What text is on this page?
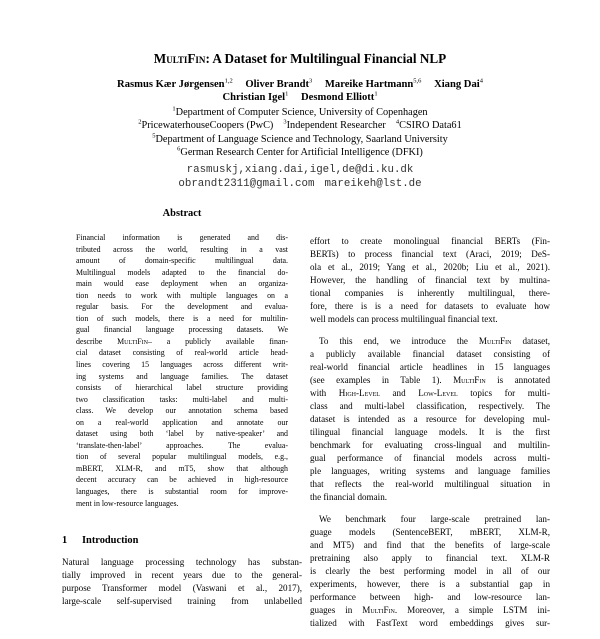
MultiFin: A Dataset for Multilingual Financial NLP
Rasmus Kær Jørgensen$^{1,2}$ Oliver Brandt$^3$ Mareike Hartmann$^{5,6}$ Xiang Dai$^4$
Christian Igel$^1$ Desmond Elliott$^1$
$^1$Department of Computer Science, University of Copenhagen
$^2$PricewaterhouseCoopers (PwC) $^3$Independent Researcher $^4$CSIRO Data61
$^5$Department of Language Science and Technology, Saarland University
$^6$German Research Center for Artificial Intelligence (DFKI)
rasmuskj,xiang.dai,igel,de@di.ku.dk
obrandt2311@gmail.com mareikeh@lst.de
Abstract
Financial information is generated and dis-
tributed across the world, resulting in a vast
amount of domain-specific multilingual data.
Multilingual models adapted to the financial do-
main would ease deployment when an organiza-
tion needs to work with multiple languages on a
regular basis. For the development and evalua-
tion of such models, there is a need for multilin-
gual financial language processing datasets. We
describe MultiFin– a publicly available finan-
cial dataset consisting of real-world article head-
lines covering 15 languages across different writ-
ing systems and language families. The dataset
consists of hierarchical label structure providing
two classification tasks: multi-label and multi-
class. We develop our annotation schema based
on a real-world application and annotate our
dataset using both ‘label by native-speaker’ and
‘translate-then-label’ approaches. The evalua-
tion of several popular multilingual models, e.g.,
mBERT, XLM-R, and mT5, show that although
decent accuracy can be achieved in high-resource
languages, there is substantial room for improve-
ment in low-resource languages.
1 Introduction
Natural language processing technology has substan-
tially improved in recent years due to the general-
purpose Transformer model (Vaswani et al., 2017),
large-scale self-supervised training from unlabelled
effort to create monolingual financial BERTs (Fin-
BERTs) to process financial text (Araci, 2019; DeS-
ola et al., 2019; Yang et al., 2020b; Liu et al., 2021).
However, the handling of financial text by multina-
tional companies is inherently multilingual, there-
fore, there is is a need for datasets to evaluate how
well models can process multilingual financial text.
To this end, we introduce the MultiFin dataset,
a publicly available financial dataset consisting of
real-world financial article headlines in 15 languages
(see examples in Table 1). MultiFin is annotated
with High-Level and Low-Level topics for multi-
class and multi-label classification, respectively. The
dataset is intended as a resource for developing mul-
tilingual financial language models. It is the first
benchmark for evaluating cross-lingual and multilin-
gual performance of financial models across multi-
ple languages, writing systems and language families
that reflects the real-world multilingual situation in
the financial domain.
We benchmark four large-scale pretrained lan-
guage models (SentenceBERT, mBERT, XLM-R,
and MT5) and find that the benefits of large-scale
pretraining also apply to financial text. XLM-R
is clearly the best performing model in all of our
experiments, however, there is a substantial gap in
performance between high- and low-resource lan-
guages in MultiFin. Moreover, a simple LSTM ini-
tialized with FastText word embeddings gives sur-
